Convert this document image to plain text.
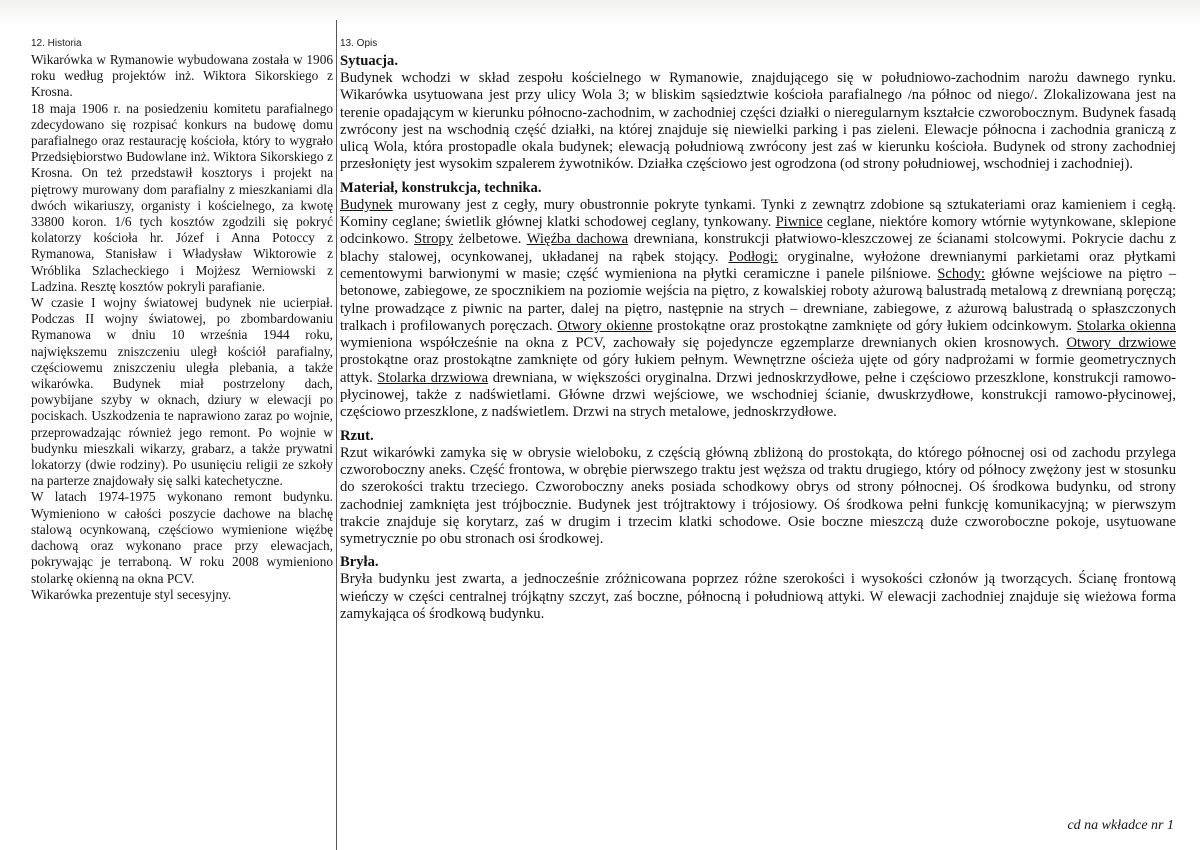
12. Historia

Wikarówka w Rymanowie wybudowana została w 1906 roku według projektów inż. Wiktora Sikorskiego z Krosna.

18 maja 1906 r. na posiedzeniu komitetu parafialnego zdecydowano się rozpisać konkurs na budowę domu parafialnego oraz restaurację kościoła, który to wygrało Przedsiębiorstwo Budowlane inż. Wiktora Sikorskiego z Krosna. On też przedstawił kosztorys i projekt na piętrowy murowany dom parafialny z mieszkaniami dla dwóch wikariuszy, organisty i kościelnego, za kwotę 33800 koron. 1/6 tych kosztów zgodzili się pokryć kolatorzy kościoła hr. Józef i Anna Potoccy z Rymanowa, Stanisław i Władysław Wiktorowie z Wróblika Szlacheckiego i Mojżesz Werniowski z Ladzina. Resztę kosztów pokryli parafianie.

W czasie I wojny światowej budynek nie ucierpiał. Podczas II wojny światowej, po zbombardowaniu Rymanowa w dniu 10 września 1944 roku, największemu zniszczeniu uległ kościół parafialny, częściowemu zniszczeniu uległa plebania, a także wikarówka. Budynek miał postrzelony dach, powybijane szyby w oknach, dziury w elewacji po pociskach. Uszkodzenia te naprawiono zaraz po wojnie, przeprowadzając również jego remont. Po wojnie w budynku mieszkali wikarzy, grabarz, a także prywatni lokatorzy (dwie rodziny). Po usunięciu religii ze szkoły na parterze znajdowały się salki katechetyczne.

W latach 1974-1975 wykonano remont budynku. Wymieniono w całości poszycie dachowe na blachę stalową ocynkowaną, częściowo wymienione więźbę dachową oraz wykonano prace przy elewacjach, pokrywając je terraboną. W roku 2008 wymieniono stolarkę okienną na okna PCV.

Wikarówka prezentuje styl secesyjny.

13. Opis
Sytuacja.

Budynek wchodzi w skład zespołu kościelnego w Rymanowie, znajdującego się w południowo-zachodnim narożu dawnego rynku. Wikarówka usytuowana jest przy ulicy Wola 3; w bliskim sąsiedztwie kościoła parafialnego /na północ od niego/. Zlokalizowana jest na terenie opadającym w kierunku północno-zachodnim, w zachodniej części działki o nieregularnym kształcie czworobocznym. Budynek fasadą zwrócony jest na wschodnią część działki, na której znajduje się niewielki parking i pas zieleni. Elewacje północna i zachodnia graniczą z ulicą Wola, która prostopadle okala budynek; elewacją południową zwrócony jest zaś w kierunku kościoła. Budynek od strony zachodniej przesłonięty jest wysokim szpalerem żywotników. Działka częściowo jest ogrodzona (od strony południowej, wschodniej i zachodniej).

Materiał, konstrukcja, technika.

Budynek murowany jest z cegły, mury obustronnie pokryte tynkami. Tynki z zewnątrz zdobione są sztukateriami oraz kamieniem i cegłą. Kominy ceglane; świetlik głównej klatki schodowej ceglany, tynkowany. Piwnice ceglane, niektóre komory wtórnie wytynkowane, sklepione odcinkowo. Stropy żelbetowe. Więźba dachowa drewniana, konstrukcji płatwiowo-kleszczowej ze ścianami stolcowymi. Pokrycie dachu z blachy stalowej, ocynkowanej, układanej na rąbek stojący. Podłogi: oryginalne, wyłożone drewnianymi parkietami oraz płytkami cementowymi barwionymi w masie; część wymieniona na płytki ceramiczne i panele pilśniowe. Schody: główne wejściowe na piętro – betonowe, zabiegowe, ze spocznikiem na poziomie wejścia na piętro, z kowalskiej roboty ażurową balustradą metalową z drewnianą poręczą; tylne prowadzące z piwnic na parter, dalej na piętro, następnie na strych – drewniane, zabiegowe, z ażurową balustradą o spłaszczonych tralkach i profilowanych poręczach. Otwory okienne prostokątne oraz prostokątne zamknięte od góry łukiem odcinkowym. Stolarka okienna wymieniona współcześnie na okna z PCV, zachowały się pojedyncze egzemplarze drewnianych okien krosnowych. Otwory drzwiowe prostokątne oraz prostokątne zamknięte od góry łukiem pełnym. Wewnętrzne ościeża ujęte od góry nadprożami w formie geometrycznych attyk. Stolarka drzwiowa drewniana, w większości oryginalna. Drzwi jednoskrzydłowe, pełne i częściowo przeszklone, konstrukcji ramowo-płycinowej, także z nadświetlami. Główne drzwi wejściowe, we wschodniej ścianie, dwuskrzydłowe, konstrukcji ramowo-płycinowej, częściowo przeszklone, z nadświetlem. Drzwi na strych metalowe, jednoskrzydłowe.

Rzut.

Rzut wikarówki zamyka się w obrysie wieloboku, z częścią główną zbliżoną do prostokąta, do którego północnej osi od zachodu przylega czworoboczny aneks. Część frontowa, w obrębie pierwszego traktu jest węższa od traktu drugiego, który od północy zwężony jest w stosunku do szerokości traktu trzeciego. Czworoboczny aneks posiada schodkowy obrys od strony północnej. Oś środkowa budynku, od strony zachodniej zamknięta jest trójbocznie. Budynek jest trójtraktowy i trójosiowy. Oś środkowa pełni funkcję komunikacyjną; w pierwszym trakcie znajduje się korytarz, zaś w drugim i trzecim klatki schodowe. Osie boczne mieszczą duże czworoboczne pokoje, usytuowane symetrycznie po obu stronach osi środkowej.

Bryła.

Bryła budynku jest zwarta, a jednocześnie zróżnicowana poprzez różne szerokości i wysokości członów ją tworzących. Ścianę frontową wieńczy w części centralnej trójkątny szczyt, zaś boczne, północną i południową attyki. W elewacji zachodniej znajduje się wieżowa forma zamykająca oś środkową budynku.

cd na wkładce nr 1
